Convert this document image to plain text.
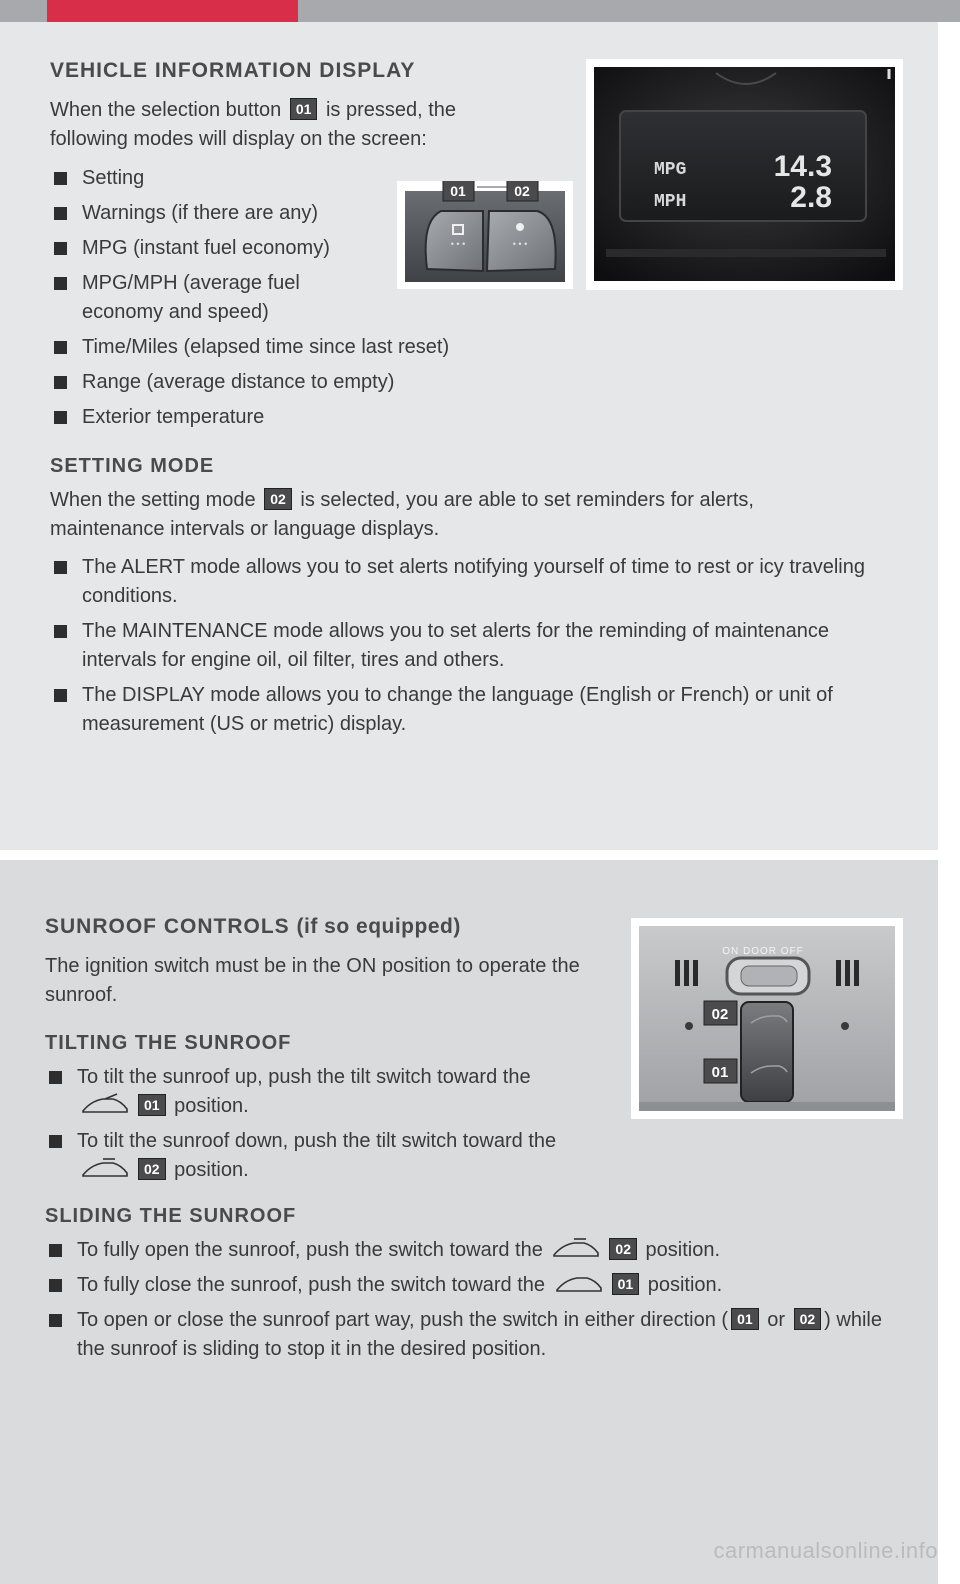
VEHICLE INFORMATION DISPLAY

When the selection button 01 is pressed, the following modes will display on the screen:

Setting
Warnings (if there are any)
MPG (instant fuel economy)
MPG/MPH (average fuel economy and speed)
Time/Miles (elapsed time since last reset)
Range (average distance to empty)
Exterior temperature
• • •	• • •
01	02
MPG	14.3
MPH	2.8
SETTING MODE

When the setting mode 02 is selected, you are able to set reminders for alerts, maintenance intervals or language displays.

The ALERT mode allows you to set alerts notifying yourself of time to rest or icy traveling conditions.
The MAINTENANCE mode allows you to set alerts for the reminding of maintenance intervals for engine oil, oil filter, tires and others.
The DISPLAY mode allows you to change the language (English or French) or unit of measurement (US or metric) display.
SUNROOF CONTROLS (if so equipped)

The ignition switch must be in the ON position to operate the sunroof.

TILTING THE SUNROOF
To tilt the sunroof up, push the tilt switch toward the
01 position.
To tilt the sunroof down, push the tilt switch toward the
02 position.
SLIDING THE SUNROOF
To fully open the sunroof, push the switch toward the	02 position.
To fully close the sunroof, push the switch toward the	01 position.
To open or close the sunroof part way, push the switch in either direction ( 01 or 02 ) while the sunroof is sliding to stop it in the desired position.
ON DOOR OFF
02
01
carmanualsonline.info
